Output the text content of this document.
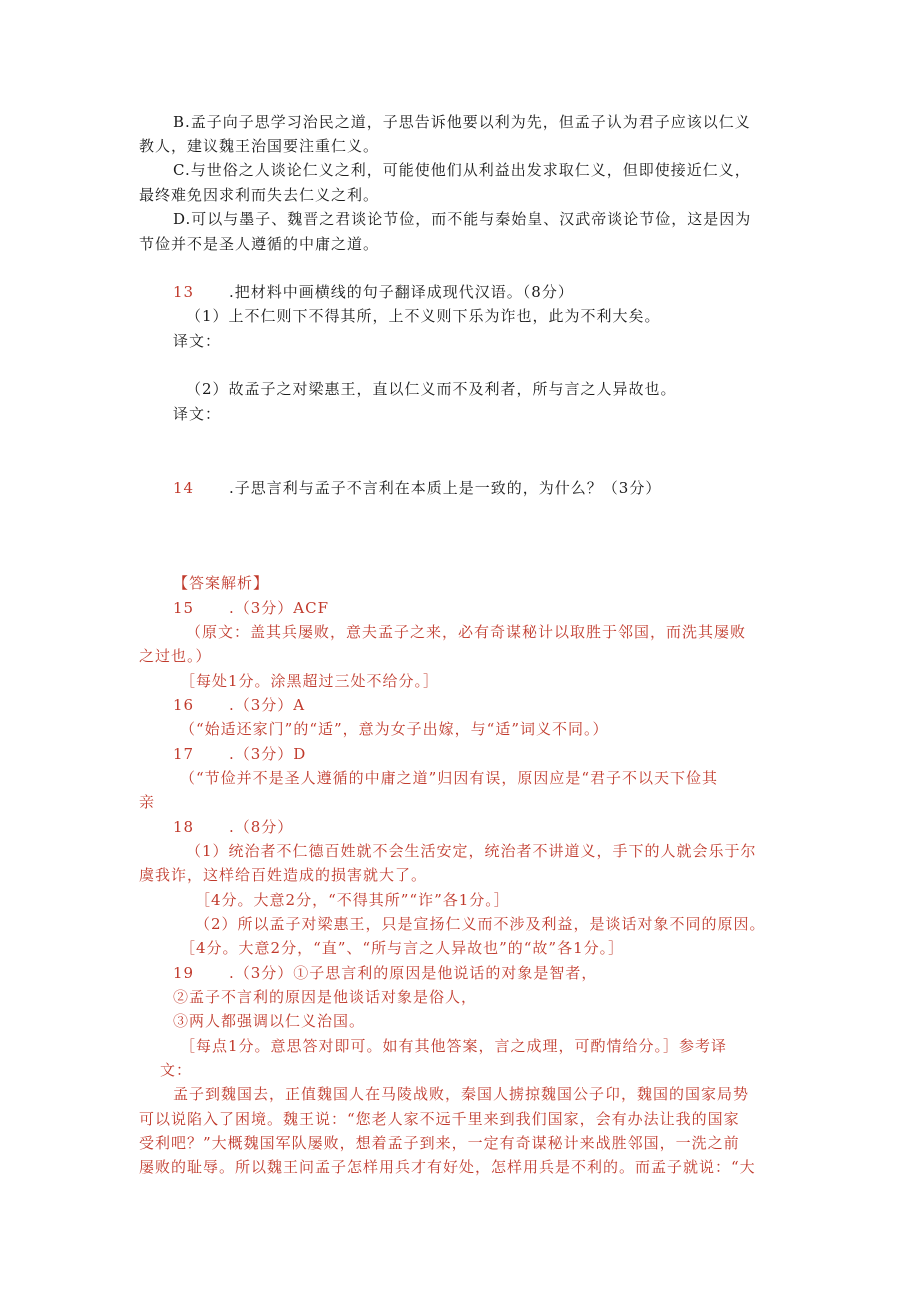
B.孟子向子思学习治民之道，子思告诉他要以利为先，但孟子认为君子应该以仁义
教人，建议魏王治国要注重仁义。
C.与世俗之人谈论仁义之利，可能使他们从利益出发求取仁义，但即使接近仁义，
最终难免因求利而失去仁义之利。
D.可以与墨子、魏晋之君谈论节俭，而不能与秦始皇、汉武帝谈论节俭，这是因为
节俭并不是圣人遵循的中庸之道。
13 .把材料中画横线的句子翻译成现代汉语。（8分）
（1）上不仁则下不得其所，上不义则下乐为诈也，此为不利大矣。
译文：
（2）故孟子之对梁惠王，直以仁义而不及利者，所与言之人异故也。
译文：
14 .子思言利与孟子不言利在本质上是一致的，为什么？（3分）
【答案解析】
15 .（3分）ACF
（原文：盖其兵屡败，意夫孟子之来，必有奇谋秘计以取胜于邻国，而洗其屡败
之过也。）
［每处1分。涂黑超过三处不给分。］
16 .（3分）A
（“始适还家门”的“适”，意为女子出嫁，与“适”词义不同。）
17 .（3分）D
（“节俭并不是圣人遵循的中庸之道”归因有误，原因应是“君子不以天下俭其
亲
18 .（8分）
（1）统治者不仁德百姓就不会生活安定，统治者不讲道义，手下的人就会乐于尔
虞我诈，这样给百姓造成的损害就大了。
［4分。大意2分，“不得其所”“诈”各1分。］
（2）所以孟子对梁惠王，只是宣扬仁义而不涉及利益，是谈话对象不同的原因。
［4分。大意2分，“直”、“所与言之人异故也”的“故”各1分。］
19 .（3分）①子思言利的原因是他说话的对象是智者，
②孟子不言利的原因是他谈话对象是俗人，
③两人都强调以仁义治国。
［每点1分。意思答对即可。如有其他答案，言之成理，可酌情给分。］参考译
文：
孟子到魏国去，正值魏国人在马陵战败，秦国人掳掠魏国公子卬，魏国的国家局势
可以说陷入了困境。魏王说：“您老人家不远千里来到我们国家，会有办法让我的国家
受利吧？”大概魏国军队屡败，想着孟子到来，一定有奇谋秘计来战胜邻国，一洗之前
屡败的耻辱。所以魏王问孟子怎样用兵才有好处，怎样用兵是不利的。而孟子就说：“大
